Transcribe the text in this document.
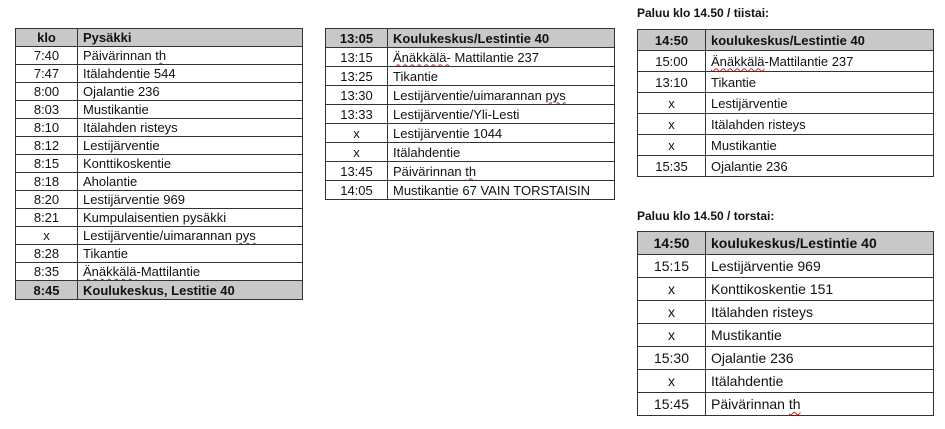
klo	Pysäkki
7:40	Päivärinnan th
7:47	Itälahdentie 544
8:00	Ojalantie 236
8:03	Mustikantie
8:10	Itälahden risteys
8:12	Lestijärventie
8:15	Konttikoskentie
8:18	Aholantie
8:20	Lestijärventie 969
8:21	Kumpulaisentien pysäkki
x	Lestijärventie/uimarannan pys
8:28	Tikantie
8:35	Änäkkälä-Mattilantie
8:45	Koulukeskus, Lestitie 40
13:05	Koulukeskus/Lestintie 40
13:15	Änäkkälä- Mattilantie 237
13:25	Tikantie
13:30	Lestijärventie/uimarannan pys
13:33	Lestijärventie/Yli-Lesti
x	Lestijärventie 1044
x	Itälahdentie
13:45	Päivärinnan th
14:05	Mustikantie 67 VAIN TORSTAISIN
Paluu klo 14.50 / tiistai:
14:50	koulukeskus/Lestintie 40
15:00	Änäkkälä-Mattilantie 237
13:10	Tikantie
x	Lestijärventie
x	Itälahden risteys
x	Mustikantie
15:35	Ojalantie 236
Paluu klo 14.50 / torstai:
14:50	koulukeskus/Lestintie 40
15:15	Lestijärventie 969
x	Konttikoskentie 151
x	Itälahden risteys
x	Mustikantie
15:30	Ojalantie 236
x	Itälahdentie
15:45	Päivärinnan th
